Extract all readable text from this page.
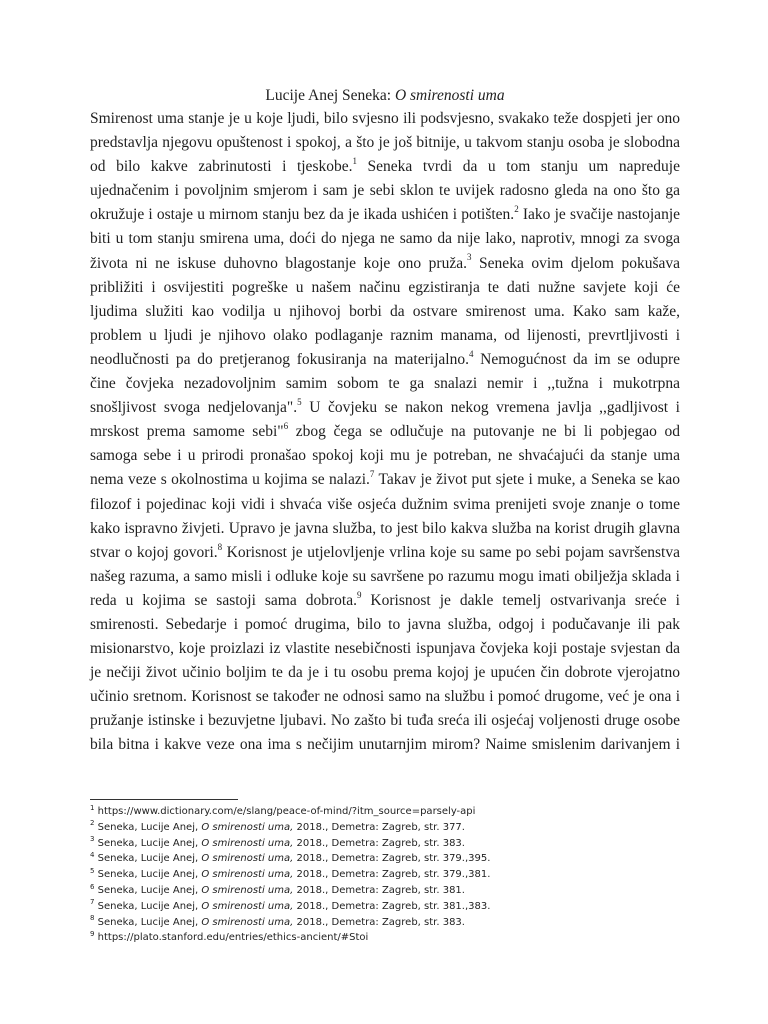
Lucije Anej Seneka: O smirenosti uma
Smirenost uma stanje je u koje ljudi, bilo svjesno ili podsvjesno, svakako teže dospjeti jer ono
predstavlja njegovu opuštenost i spokoj, a što je još bitnije, u takvom stanju osoba je slobodna
od bilo kakve zabrinutosti i tjeskobe.$^1$ Seneka tvrdi da u tom stanju um napreduje
ujednačenim i povoljnim smjerom i sam je sebi sklon te uvijek radosno gleda na ono što ga
okružuje i ostaje u mirnom stanju bez da je ikada ushićen i potišten.$^2$ Iako je svačije nastojanje
biti u tom stanju smirena uma, doći do njega ne samo da nije lako, naprotiv, mnogi za svoga
života ni ne iskuse duhovno blagostanje koje ono pruža.$^3$ Seneka ovim djelom pokušava
približiti i osvijestiti pogreške u našem načinu egzistiranja te dati nužne savjete koji će
ljudima služiti kao vodilja u njihovoj borbi da ostvare smirenost uma. Kako sam kaže,
problem u ljudi je njihovo olako podlaganje raznim manama, od lijenosti, prevrtljivosti i
neodlučnosti pa do pretjeranog fokusiranja na materijalno.$^4$ Nemogućnost da im se odupre
čine čovjeka nezadovoljnim samim sobom te ga snalazi nemir i ,,tužna i mukotrpna
snošljivost svoga nedjelovanja".$^5$ U čovjeku se nakon nekog vremena javlja ,,gadljivost i
mrskost prema samome sebi"$^6$ zbog čega se odlučuje na putovanje ne bi li pobjegao od
samoga sebe i u prirodi pronašao spokoj koji mu je potreban, ne shvaćajući da stanje uma
nema veze s okolnostima u kojima se nalazi.$^7$ Takav je život put sjete i muke, a Seneka se kao
filozof i pojedinac koji vidi i shvaća više osjeća dužnim svima prenijeti svoje znanje o tome
kako ispravno živjeti. Upravo je javna služba, to jest bilo kakva služba na korist drugih glavna
stvar o kojoj govori.$^8$ Korisnost je utjelovljenje vrlina koje su same po sebi pojam savršenstva
našeg razuma, a samo misli i odluke koje su savršene po razumu mogu imati obilježja sklada i
reda u kojima se sastoji sama dobrota.$^9$ Korisnost je dakle temelj ostvarivanja sreće i
smirenosti. Sebedarje i pomoć drugima, bilo to javna služba, odgoj i podučavanje ili pak
misionarstvo, koje proizlazi iz vlastite nesebičnosti ispunjava čovjeka koji postaje svjestan da
je nečiji život učinio boljim te da je i tu osobu prema kojoj je upućen čin dobrote vjerojatno
učinio sretnom. Korisnost se također ne odnosi samo na službu i pomoć drugome, već je ona i
pružanje istinske i bezuvjetne ljubavi. No zašto bi tuđa sreća ili osjećaj voljenosti druge osobe
bila bitna i kakve veze ona ima s nečijim unutarnjim mirom? Naime smislenim darivanjem i
$^1$ https://www.dictionary.com/e/slang/peace-of-mind/?itm_source=parsely-api
$^2$ Seneka, Lucije Anej, O smirenosti uma, 2018., Demetra: Zagreb, str. 377.
$^3$ Seneka, Lucije Anej, O smirenosti uma, 2018., Demetra: Zagreb, str. 383.
$^4$ Seneka, Lucije Anej, O smirenosti uma, 2018., Demetra: Zagreb, str. 379.,395.
$^5$ Seneka, Lucije Anej, O smirenosti uma, 2018., Demetra: Zagreb, str. 379.,381.
$^6$ Seneka, Lucije Anej, O smirenosti uma, 2018., Demetra: Zagreb, str. 381.
$^7$ Seneka, Lucije Anej, O smirenosti uma, 2018., Demetra: Zagreb, str. 381.,383.
$^8$ Seneka, Lucije Anej, O smirenosti uma, 2018., Demetra: Zagreb, str. 383.
$^9$ https://plato.stanford.edu/entries/ethics-ancient/#Stoi
